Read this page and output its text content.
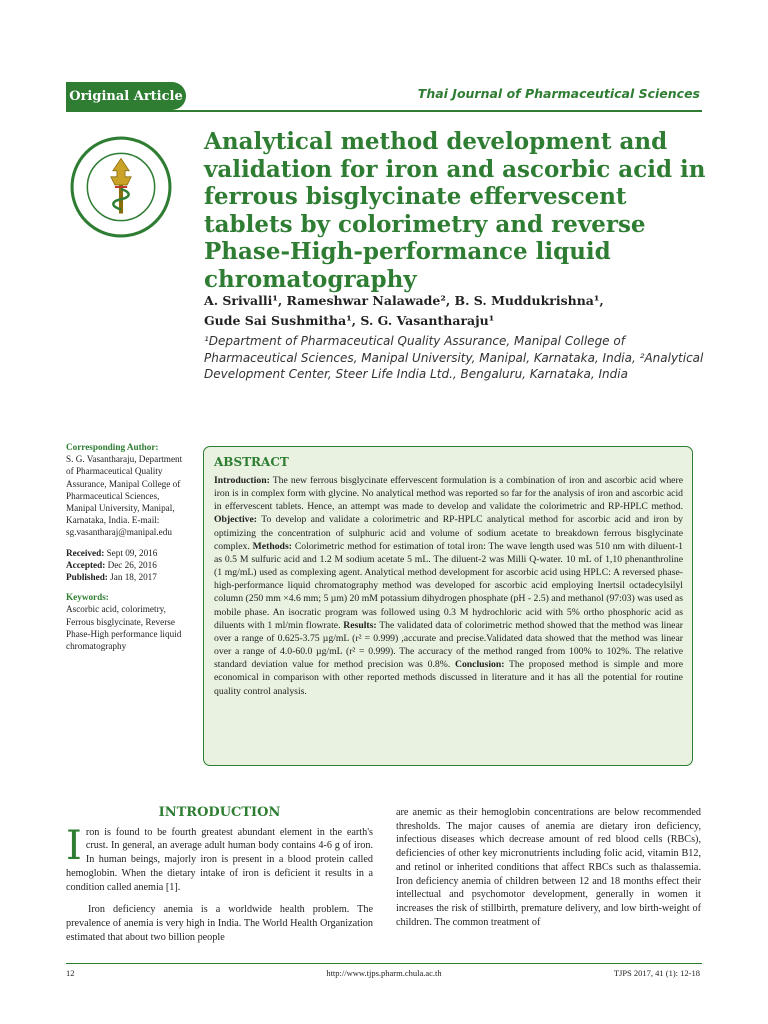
Original Article	Thai Journal of Pharmaceutical Sciences
Analytical method development and validation for iron and ascorbic acid in ferrous bisglycinate effervescent tablets by colorimetry and reverse Phase-High-performance liquid chromatography
A. Srivalli¹, Rameshwar Nalawade², B. S. Muddukrishna¹,
Gude Sai Sushmitha¹, S. G. Vasantharaju¹
¹Department of Pharmaceutical Quality Assurance, Manipal College of Pharmaceutical Sciences, Manipal University, Manipal, Karnataka, India, ²Analytical Development Center, Steer Life India Ltd., Bengaluru, Karnataka, India
Corresponding Author:
S. G. Vasantharaju, Department of Pharmaceutical Quality Assurance, Manipal College of Pharmaceutical Sciences, Manipal University, Manipal, Karnataka, India. E-mail: sg.vasantharaj@manipal.edu
Received: Sept 09, 2016
Accepted: Dec 26, 2016
Published: Jan 18, 2017
Keywords:
Ascorbic acid, colorimetry, Ferrous bisglycinate, Reverse Phase-High performance liquid chromatography
ABSTRACT

Introduction: The new ferrous bisglycinate effervescent formulation is a combination of iron and ascorbic acid where iron is in complex form with glycine. No analytical method was reported so far for the analysis of iron and ascorbic acid in effervescent tablets. Hence, an attempt was made to develop and validate the colorimetric and RP-HPLC method. Objective: To develop and validate a colorimetric and RP-HPLC analytical method for ascorbic acid and iron by optimizing the concentration of sulphuric acid and volume of sodium acetate to breakdown ferrous bisglycinate complex. Methods: Colorimetric method for estimation of total iron: The wave length used was 510 nm with diluent-1 as 0.5 M sulfuric acid and 1.2 M sodium acetate 5 mL. The diluent-2 was Milli Q-water. 10 mL of 1,10 phenanthroline (1 mg/mL) used as complexing agent. Analytical method development for ascorbic acid using HPLC: A reversed phase-high-performance liquid chromatography method was developed for ascorbic acid employing Inertsil octadecylsilyl column (250 mm ×4.6 mm; 5 µm) 20 mM potassium dihydrogen phosphate (pH - 2.5) and methanol (97:03) was used as mobile phase. An isocratic program was followed using 0.3 M hydrochloric acid with 5% ortho phosphoric acid as diluents with 1 ml/min flowrate. Results: The validated data of colorimetric method showed that the method was linear over a range of 0.625-3.75 µg/mL (r² = 0.999) ,accurate and precise.Validated data showed that the method was linear over a range of 4.0-60.0 µg/mL (r² = 0.999). The accuracy of the method ranged from 100% to 102%. The relative standard deviation value for method precision was 0.8%. Conclusion: The proposed method is simple and more economical in comparison with other reported methods discussed in literature and it has all the potential for routine quality control analysis.

INTRODUCTION

Iron is found to be fourth greatest abundant element in the earth's crust. In general, an average adult human body contains 4-6 g of iron. In human beings, majorly iron is present in a blood protein called hemoglobin. When the dietary intake of iron is deficient it results in a condition called anemia [1].

Iron deficiency anemia is a worldwide health problem. The prevalence of anemia is very high in India. The World Health Organization estimated that about two billion people

are anemic as their hemoglobin concentrations are below recommended thresholds. The major causes of anemia are dietary iron deficiency, infectious diseases which decrease amount of red blood cells (RBCs), deficiencies of other key micronutrients including folic acid, vitamin B12, and retinol or inherited conditions that affect RBCs such as thalassemia. Iron deficiency anemia of children between 12 and 18 months effect their intellectual and psychomotor development, generally in women it increases the risk of stillbirth, premature delivery, and low birth-weight of children. The common treatment of

12	http://www.tjps.pharm.chula.ac.th	TJPS 2017, 41 (1): 12-18
